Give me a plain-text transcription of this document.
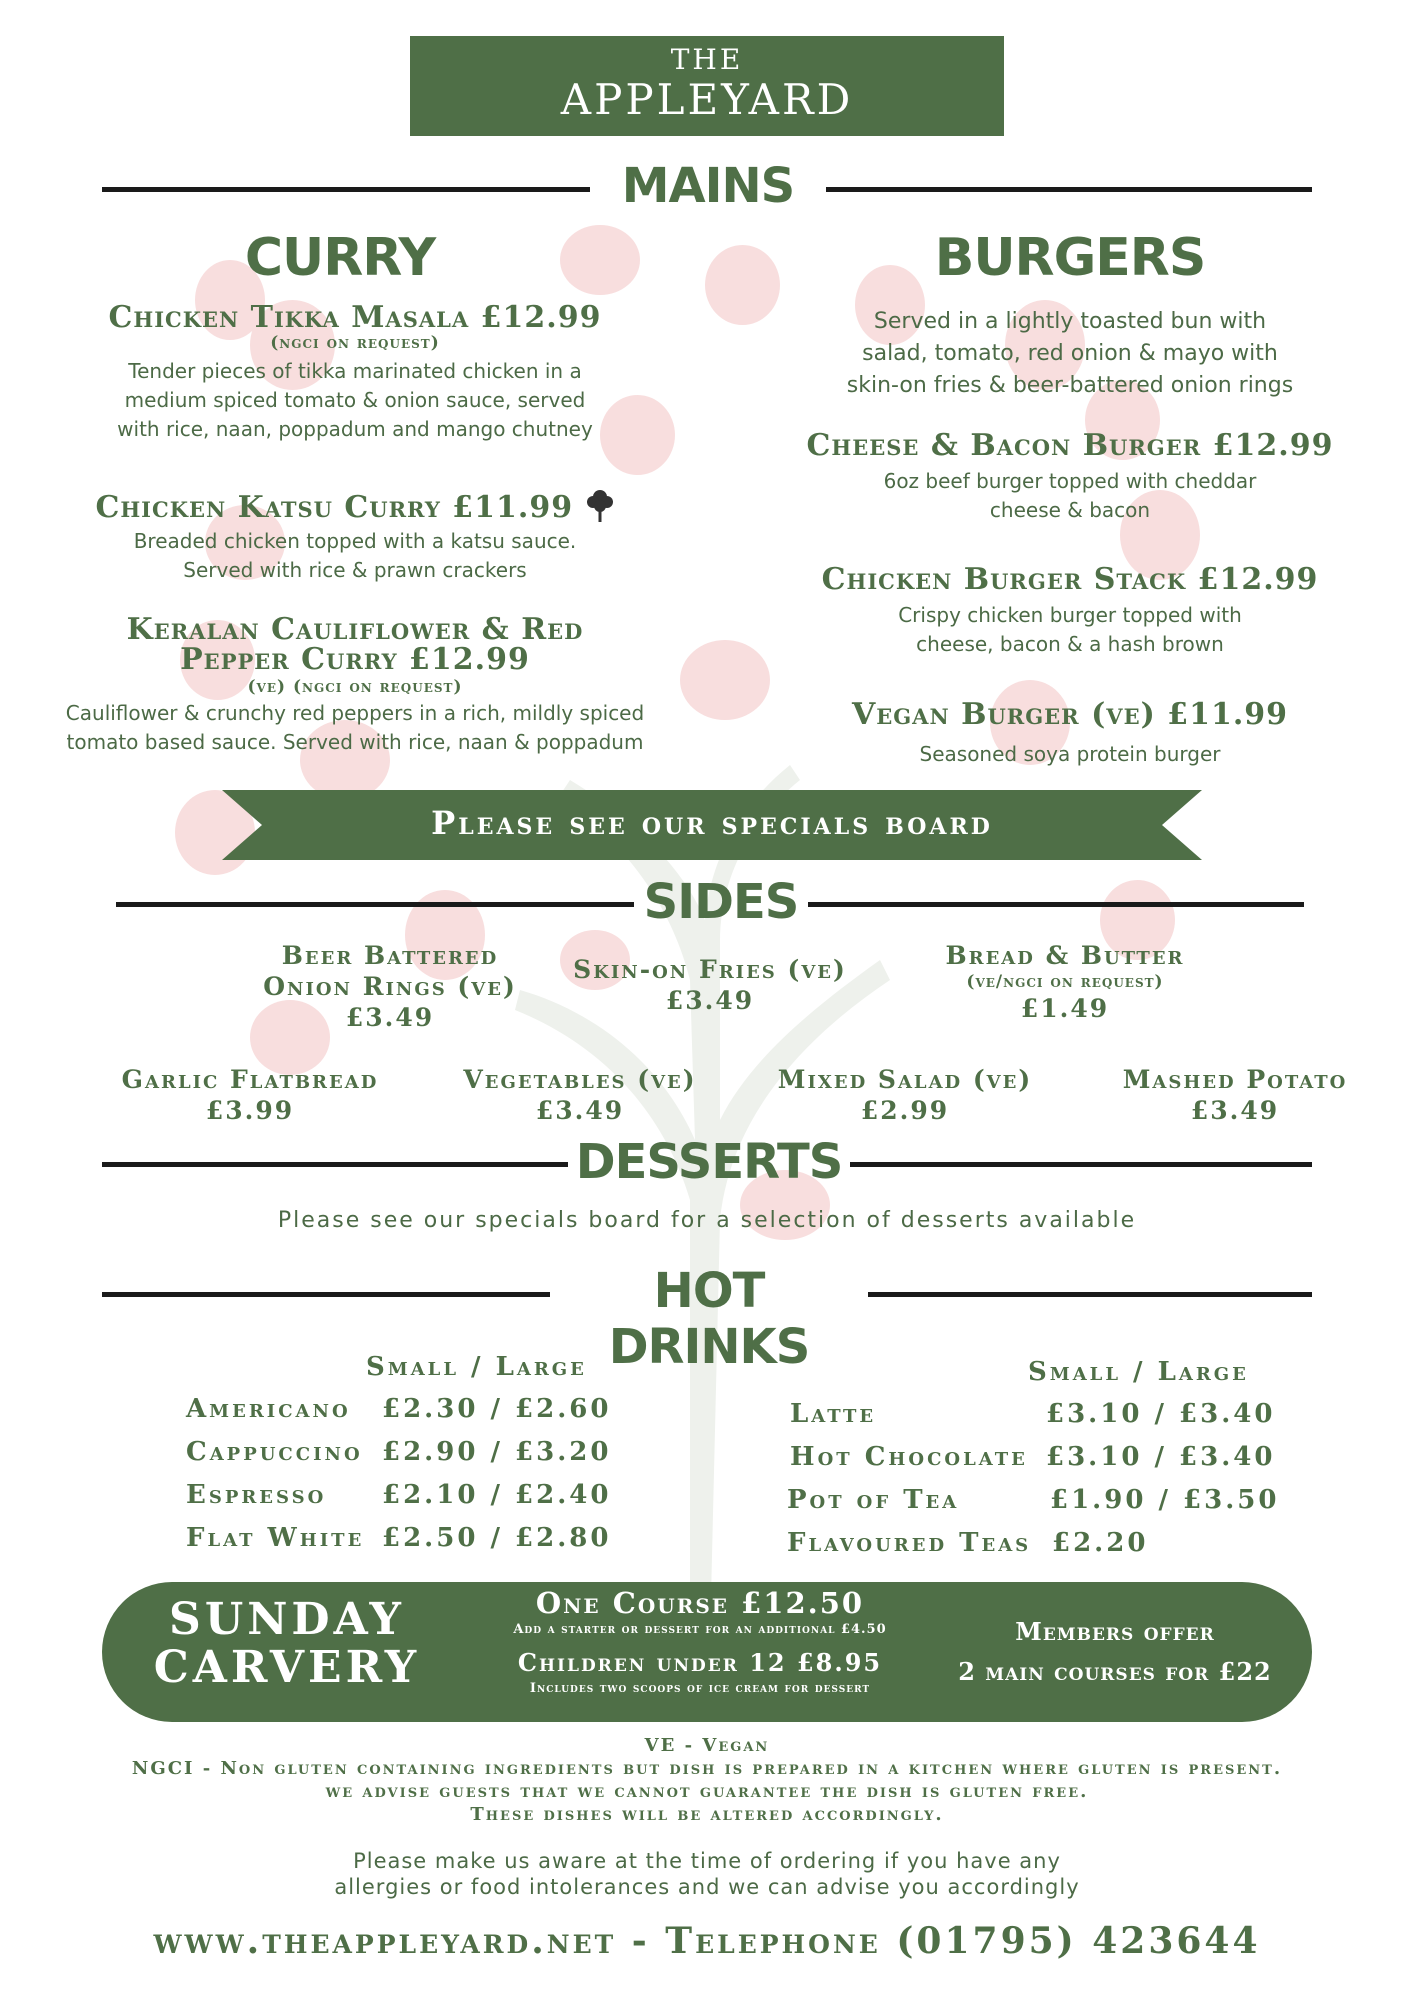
THE
APPLEYARD
MAINS
CURRY
Chicken Tikka Masala £12.99
(ngci on request)
Tender pieces of tikka marinated chicken in a
medium spiced tomato & onion sauce, served
with rice, naan, poppadum and mango chutney
Chicken Katsu Curry £11.99
Breaded chicken topped with a katsu sauce.
Served with rice & prawn crackers
Keralan Cauliflower & Red
Pepper Curry £12.99
(ve) (ngci on request)
Cauliflower & crunchy red peppers in a rich, mildly spiced
tomato based sauce. Served with rice, naan & poppadum
BURGERS
Served in a lightly toasted bun with
salad, tomato, red onion & mayo with
skin-on fries & beer-battered onion rings
Cheese & Bacon Burger £12.99
6oz beef burger topped with cheddar
cheese & bacon
Chicken Burger Stack £12.99
Crispy chicken burger topped with
cheese, bacon & a hash brown
Vegan Burger (ve) £11.99
Seasoned soya protein burger
Please see our specials board
SIDES
Beer Battered
Onion Rings (ve)
£3.49
Skin-on Fries (ve)
£3.49
Bread & Butter
(ve/ngci on request)
£1.49
Garlic Flatbread
£3.99
Vegetables (ve)
£3.49
Mixed Salad (ve)
£2.99
Mashed Potato
£3.49
DESSERTS
Please see our specials board for a selection of desserts available
HOT DRINKS
Small / Large	Small / Large
Americano £2.30 / £2.60
Cappuccino £2.90 / £3.20
Espresso £2.10 / £2.40
Flat White £2.50 / £2.80
Latte	£3.10 / £3.40
Hot Chocolate £3.10 / £3.40
Pot of Tea	£1.90 / £3.50
Flavoured Teas £2.20
SUNDAY
CARVERY
One Course £12.50
Add a starter or dessert for an additional £4.50
Children under 12 £8.95
Includes two scoops of ice cream for dessert
Members offer
2 main courses for £22
VE - Vegan
NGCI - Non gluten containing ingredients but dish is prepared in a kitchen where gluten is present.
we advise guests that we cannot guarantee the dish is gluten free.
These dishes will be altered accordingly.
Please make us aware at the time of ordering if you have any
allergies or food intolerances and we can advise you accordingly
www.theappleyard.net - Telephone (01795) 423644
